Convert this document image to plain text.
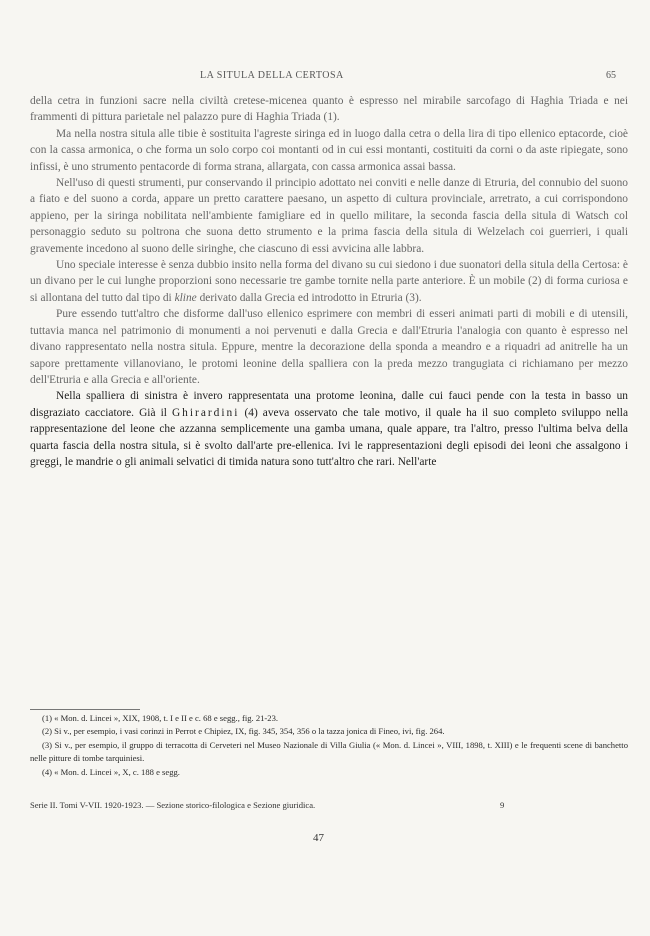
LA SITULA DELLA CERTOSA	65

della cetra in funzioni sacre nella civiltà cretese-micenea quanto è espresso nel mirabile sarcofago di Haghia Triada e nei frammenti di pittura parietale nel palazzo pure di Haghia Triada (1).

Ma nella nostra situla alle tibie è sostituita l'agreste siringa ed in luogo dalla cetra o della lira di tipo ellenico eptacorde, cioè con la cassa armonica, o che forma un solo corpo coi montanti od in cui essi montanti, costituiti da corni o da aste ripiegate, sono infissi, è uno strumento pentacorde di forma strana, allargata, con cassa armonica assai bassa.

Nell'uso di questi strumenti, pur conservando il principio adottato nei conviti e nelle danze di Etruria, del connubio del suono a fiato e del suono a corda, appare un pretto carattere paesano, un aspetto di cultura provinciale, arretrato, a cui corrispondono appieno, per la siringa nobilitata nell'ambiente famigliare ed in quello militare, la seconda fascia della situla di Watsch col personaggio seduto su poltrona che suona detto strumento e la prima fascia della situla di Welzelach coi guerrieri, i quali gravemente incedono al suono delle siringhe, che ciascuno di essi avvicina alle labbra.

Uno speciale interesse è senza dubbio insito nella forma del divano su cui siedono i due suonatori della situla della Certosa: è un divano per le cui lunghe proporzioni sono necessarie tre gambe tornite nella parte anteriore. È un mobile (2) di forma curiosa e si allontana del tutto dal tipo di kline derivato dalla Grecia ed introdotto in Etruria (3).

Pure essendo tutt'altro che disforme dall'uso ellenico esprimere con membri di esseri animati parti di mobili e di utensili, tuttavia manca nel patrimonio di monumenti a noi pervenuti e dalla Grecia e dall'Etruria l'analogia con quanto è espresso nel divano rappresentato nella nostra situla. Eppure, mentre la decorazione della sponda a meandro e a riquadri ad anitrelle ha un sapore prettamente villanoviano, le protomi leonine della spalliera con la preda mezzo trangugiata ci richiamano per mezzo dell'Etruria e alla Grecia e all'oriente.

Nella spalliera di sinistra è invero rappresentata una protome leonina, dalle cui fauci pende con la testa in basso un disgraziato cacciatore. Già il Ghirardini (4) aveva osservato che tale motivo, il quale ha il suo completo sviluppo nella rappresentazione del leone che azzanna semplicemente una gamba umana, quale appare, tra l'altro, presso l'ultima belva della quarta fascia della nostra situla, si è svolto dall'arte pre-ellenica. Ivi le rappresentazioni degli episodi dei leoni che assalgono i greggi, le mandrie o gli animali selvatici di timida natura sono tutt'altro che rari. Nell'arte

(1) « Mon. d. Lincei », XIX, 1908, t. I e II e c. 68 e segg., fig. 21-23.

(2) Si v., per esempio, i vasi corinzi in Perrot e Chipiez, IX, fig. 345, 354, 356 o la tazza jonica di Fineo, ivi, fig. 264.

(3) Si v., per esempio, il gruppo di terracotta di Cerveteri nel Museo Nazionale di Villa Giulia (« Mon. d. Lincei », VIII, 1898, t. XIII) e le frequenti scene di banchetto nelle pitture di tombe tarquiniesi.

(4) « Mon. d. Lincei », X, c. 188 e segg.

Serie II. Tomi V-VII. 1920-1923. — Sezione storico-filologica e Sezione giuridica.	9
47
